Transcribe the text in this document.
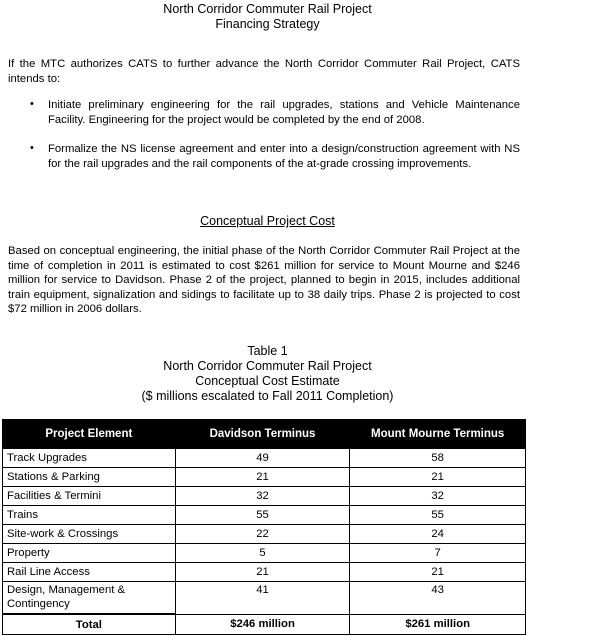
North Corridor Commuter Rail Project
Financing Strategy
If the MTC authorizes CATS to further advance the North Corridor Commuter Rail Project, CATS intends to:
• Initiate preliminary engineering for the rail upgrades, stations and Vehicle Maintenance Facility. Engineering for the project would be completed by the end of 2008.
• Formalize the NS license agreement and enter into a design/construction agreement with NS for the rail upgrades and the rail components of the at-grade crossing improvements.
Conceptual Project Cost
Based on conceptual engineering, the initial phase of the North Corridor Commuter Rail Project at the time of completion in 2011 is estimated to cost $261 million for service to Mount Mourne and $246 million for service to Davidson. Phase 2 of the project, planned to begin in 2015, includes additional train equipment, signalization and sidings to facilitate up to 38 daily trips. Phase 2 is projected to cost $72 million in 2006 dollars.
Table 1
North Corridor Commuter Rail Project
Conceptual Cost Estimate
($ millions escalated to Fall 2011 Completion)
Project Element	Davidson Terminus	Mount Mourne Terminus
Track Upgrades	49	58
Stations & Parking	21	21
Facilities & Termini	32	32
Trains	55	55
Site-work & Crossings	22	24
Property	5	7
Rail Line Access	21	21
Design, Management & Contingency	41	43
Total	$246 million	$261 million
